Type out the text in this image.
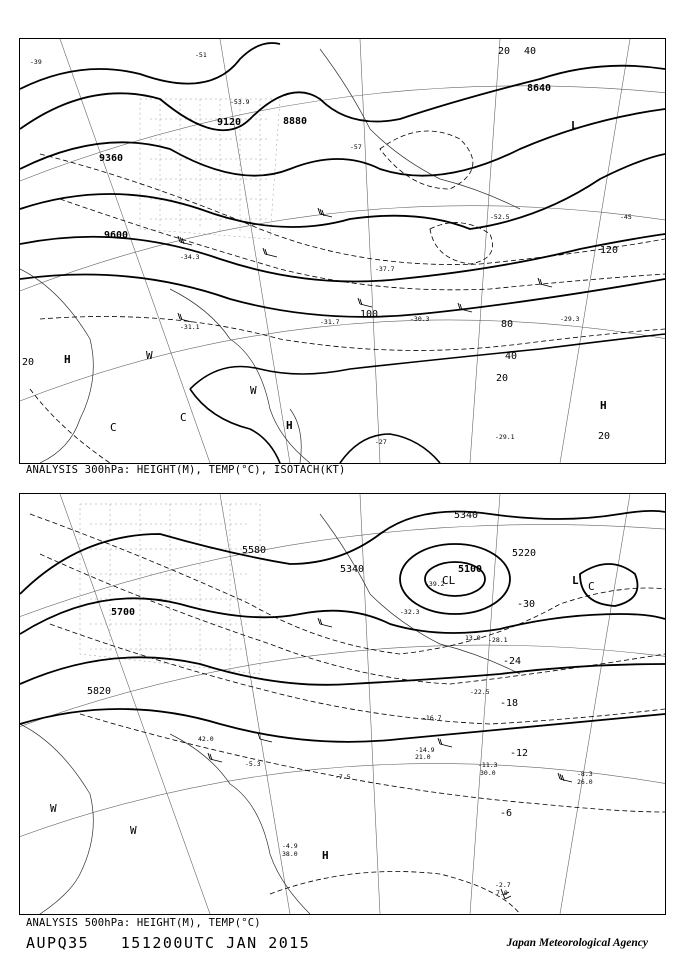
9120	8880
8640
9360
9600
20 40
80
40
20
100
120
20
20
H
H
H
L
W
W
C
C
-51
-53.9
-52.5
-57
-45
-39
-34.3
-30.3	-29.3
-29.1
-31.1
-31.7
-37.7
-27
ANALYSIS 300hPa: HEIGHT(M), TEMP(°C), ISOTACH(KT)
5100
5220
5340
5340
5580
5700
5820
-30
-24
-18
-12
-6
H
L
CL
W
W
C
-39.2
-32.3
-28.1
-22.5
-16.7
-14.9
-11.3
-8.3
-7.5
-5.3
-4.9
-2.7
13.0
21.0
26.0
30.0
38.0
42.0
7.0
ANALYSIS 500hPa: HEIGHT(M), TEMP(°C)
AUPQ35 151200UTC JAN 2015	Japan Meteorological Agency
